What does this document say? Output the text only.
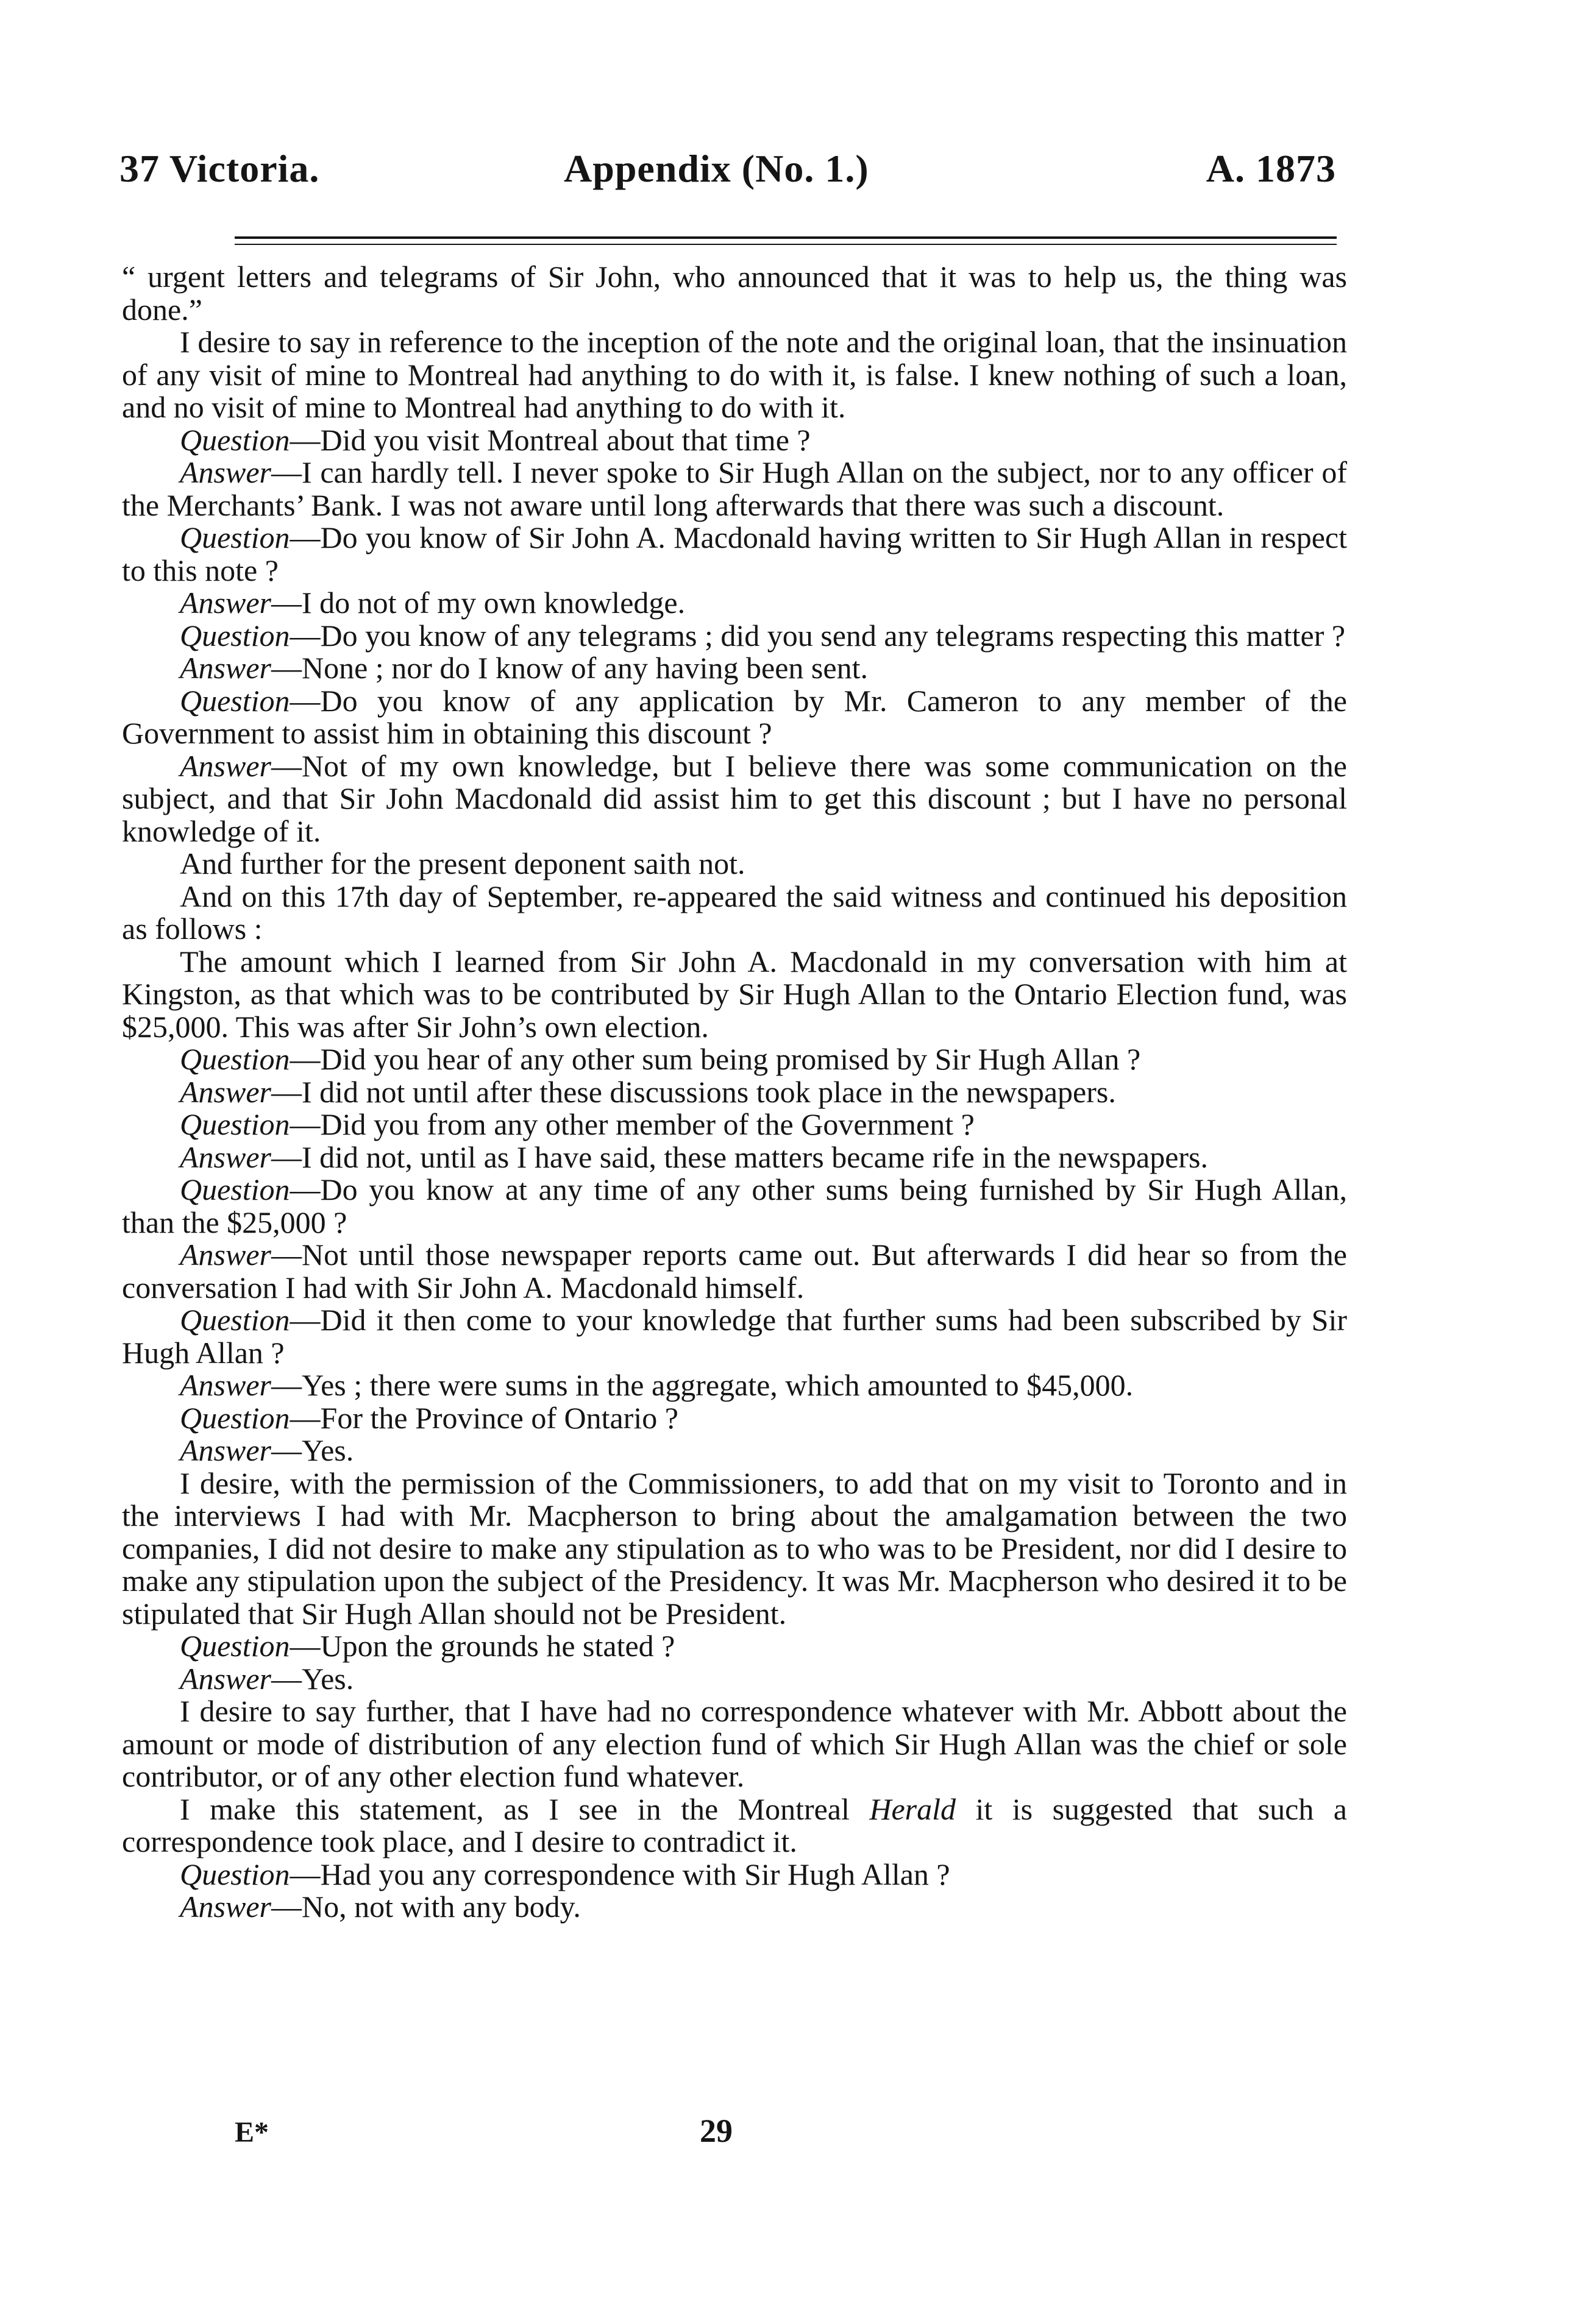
37 Victoria.	Appendix (No. 1.)	A. 1873

“ urgent letters and telegrams of Sir John, who announced that it was to help us, the thing was done.”

I desire to say in reference to the inception of the note and the original loan, that the insinuation of any visit of mine to Montreal had anything to do with it, is false. I knew nothing of such a loan, and no visit of mine to Montreal had anything to do with it.

Question—Did you visit Montreal about that time ?

Answer—I can hardly tell. I never spoke to Sir Hugh Allan on the subject, nor to any officer of the Merchants’ Bank. I was not aware until long afterwards that there was such a discount.

Question—Do you know of Sir John A. Macdonald having written to Sir Hugh Allan in respect to this note ?

Answer—I do not of my own knowledge.

Question—Do you know of any telegrams ; did you send any telegrams respecting this matter ?

Answer—None ; nor do I know of any having been sent.

Question—Do you know of any application by Mr. Cameron to any member of the Government to assist him in obtaining this discount ?

Answer—Not of my own knowledge, but I believe there was some communication on the subject, and that Sir John Macdonald did assist him to get this discount ; but I have no personal knowledge of it.

And further for the present deponent saith not.

And on this 17th day of September, re-appeared the said witness and continued his deposition as follows :

The amount which I learned from Sir John A. Macdonald in my conversation with him at Kingston, as that which was to be contributed by Sir Hugh Allan to the Ontario Election fund, was $25,000. This was after Sir John’s own election.

Question—Did you hear of any other sum being promised by Sir Hugh Allan ?

Answer—I did not until after these discussions took place in the newspapers.

Question—Did you from any other member of the Government ?

Answer—I did not, until as I have said, these matters became rife in the newspapers.

Question—Do you know at any time of any other sums being furnished by Sir Hugh Allan, than the $25,000 ?

Answer—Not until those newspaper reports came out. But afterwards I did hear so from the conversation I had with Sir John A. Macdonald himself.

Question—Did it then come to your knowledge that further sums had been subscribed by Sir Hugh Allan ?

Answer—Yes ; there were sums in the aggregate, which amounted to $45,000.

Question—For the Province of Ontario ?

Answer—Yes.

I desire, with the permission of the Commissioners, to add that on my visit to Toronto and in the interviews I had with Mr. Macpherson to bring about the amalgamation between the two companies, I did not desire to make any stipulation as to who was to be President, nor did I desire to make any stipulation upon the subject of the Presidency. It was Mr. Macpherson who desired it to be stipulated that Sir Hugh Allan should not be President.

Question—Upon the grounds he stated ?

Answer—Yes.

I desire to say further, that I have had no correspondence whatever with Mr. Abbott about the amount or mode of distribution of any election fund of which Sir Hugh Allan was the chief or sole contributor, or of any other election fund whatever.

I make this statement, as I see in the Montreal Herald it is suggested that such a correspondence took place, and I desire to contradict it.

Question—Had you any correspondence with Sir Hugh Allan ?

Answer—No, not with any body.

E*	29
